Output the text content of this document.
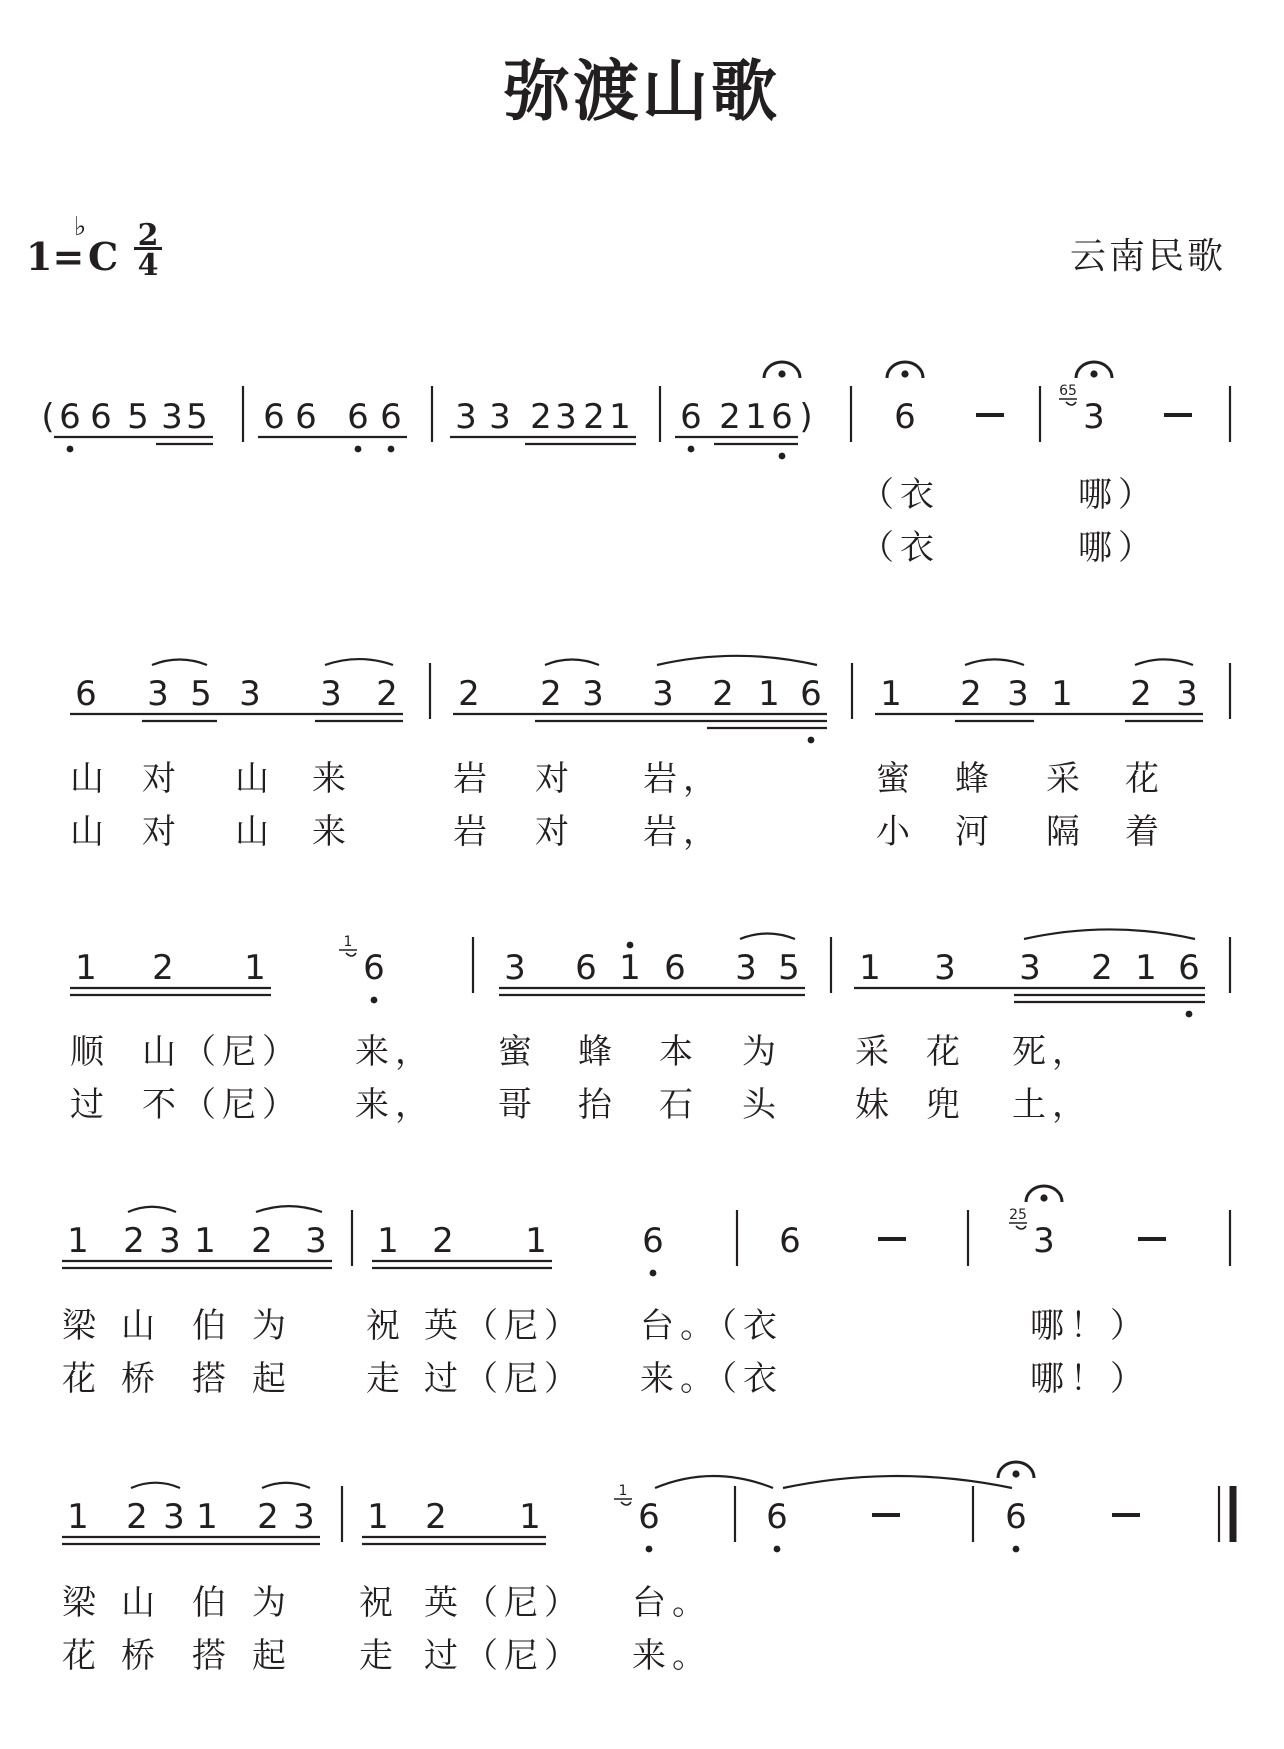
弥渡山歌
1=
♭
C 2

4	云南民歌
( 6 6 5 3 5 6 6 6 6 3 3 2 3 2 1 6 2 1 6 ) 6	3
65
（衣	哪）
（衣	哪）
6 3 5 3 3 2 2 2 3 3 2 1 6 1 2 3 1 2 3
山 对 山 来	岩 对 岩，	蜜 蜂 采 花
山 对 山 来	岩 对 岩，	小 河 隔 着
1 2 1	6
1
3 6 1 6 3 5 1 3 3 2 1 6
顺 山（尼） 来， 蜜 蜂 本 为 采 花 死，
过 不（尼） 来， 哥 抬 石 头 妹 兜 土，
1 2 3 1 2 3 1 2 1	6	6	3
25
梁 山 伯 为 祝 英（尼） 台。（衣	哪！）
花 桥 搭 起 走 过（尼） 来。（衣	哪！）
1 2 3 1 2 3 1 2 1	6
1
6	6
梁 山 伯 为 祝 英（尼） 台。
花 桥 搭 起 走 过（尼） 来。
